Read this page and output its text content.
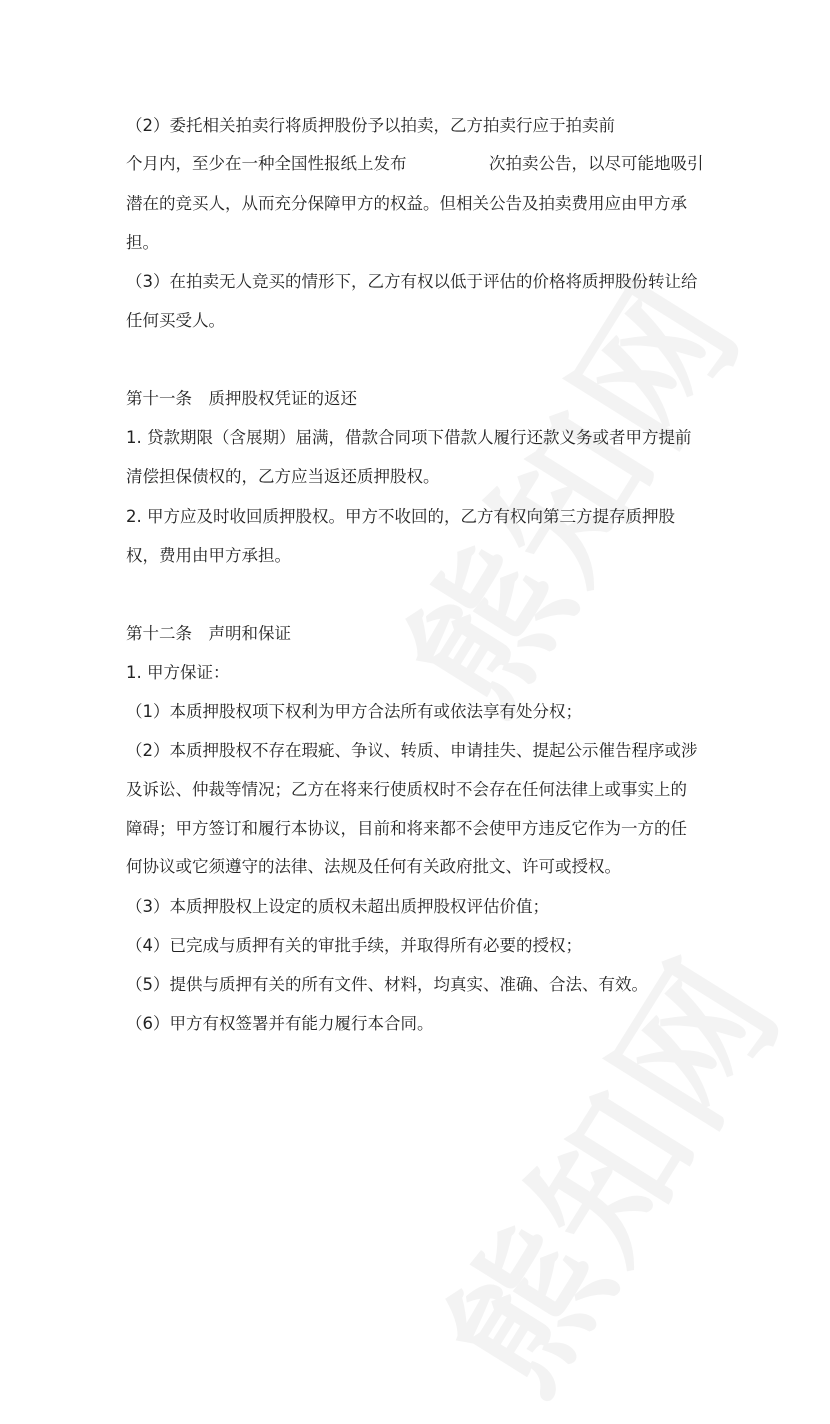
（2）委托相关拍卖行将质押股份予以拍卖，乙方拍卖行应于拍卖前
个月内，至少在一种全国性报纸上发布　　　　　次拍卖公告，以尽可能地吸引
潜在的竞买人，从而充分保障甲方的权益。但相关公告及拍卖费用应由甲方承
担。
（3）在拍卖无人竞买的情形下，乙方有权以低于评估的价格将质押股份转让给
任何买受人。
第十一条　质押股权凭证的返还
1. 贷款期限（含展期）届满，借款合同项下借款人履行还款义务或者甲方提前
清偿担保债权的，乙方应当返还质押股权。
2. 甲方应及时收回质押股权。甲方不收回的，乙方有权向第三方提存质押股
权，费用由甲方承担。
第十二条　声明和保证
1. 甲方保证：
（1）本质押股权项下权利为甲方合法所有或依法享有处分权；
（2）本质押股权不存在瑕疵、争议、转质、申请挂失、提起公示催告程序或涉
及诉讼、仲裁等情况；乙方在将来行使质权时不会存在任何法律上或事实上的
障碍；甲方签订和履行本协议，目前和将来都不会使甲方违反它作为一方的任
何协议或它须遵守的法律、法规及任何有关政府批文、许可或授权。
（3）本质押股权上设定的质权未超出质押股权评估价值；
（4）已完成与质押有关的审批手续，并取得所有必要的授权；
（5）提供与质押有关的所有文件、材料，均真实、准确、合法、有效。
（6）甲方有权签署并有能力履行本合同。
